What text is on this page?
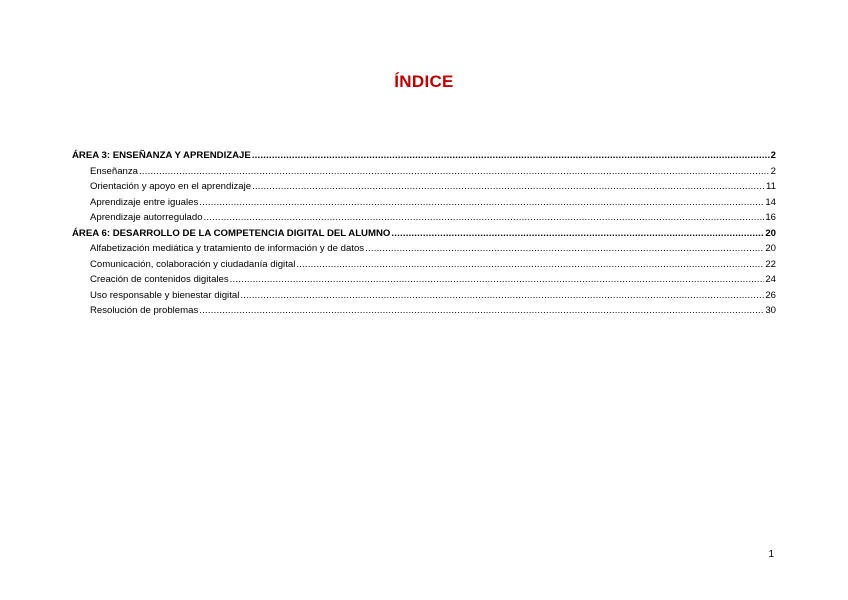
ÍNDICE
ÁREA 3: ENSEÑANZA Y APRENDIZAJE .....	2
Enseñanza .....	2
Orientación y apoyo en el aprendizaje .....	11
Aprendizaje entre iguales .....	14
Aprendizaje autorregulado .....	16
ÁREA 6: DESARROLLO DE LA COMPETENCIA DIGITAL DEL ALUMNO .....	20
Alfabetización mediática y tratamiento de información y de datos .....	20
Comunicación, colaboración y ciudadanía digital .....	22
Creación de contenidos digitales .....	24
Uso responsable y bienestar digital .....	26
Resolución de problemas .....	30
1
